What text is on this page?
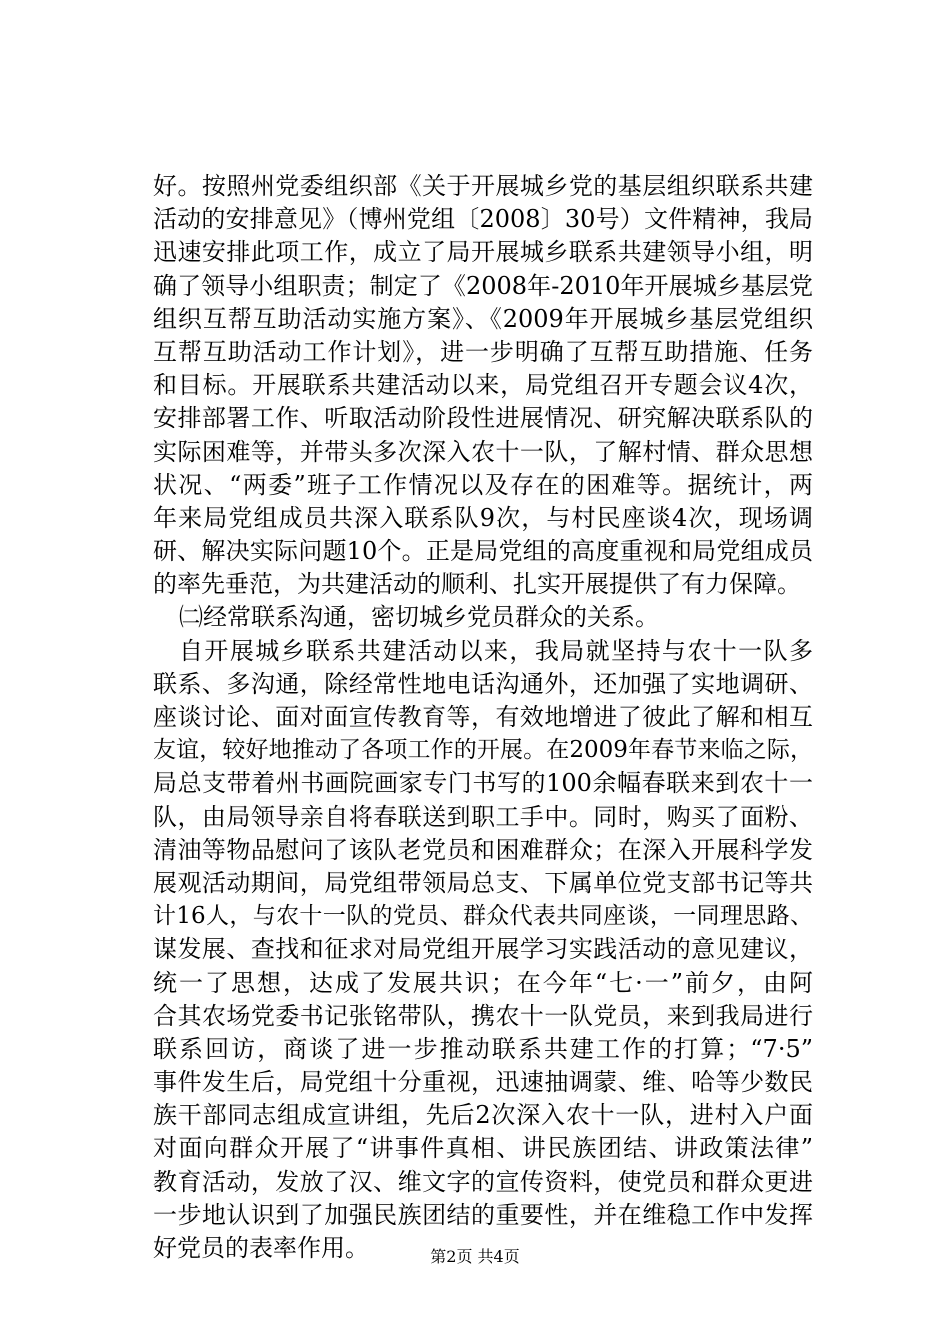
好。按照州党委组织部《关于开展城乡党的基层组织联系共建
活动的安排意见》（博州党组〔2008〕30号）文件精神，我局
迅速安排此项工作，成立了局开展城乡联系共建领导小组，明
确了领导小组职责；制定了《2008年-2010年开展城乡基层党
组织互帮互助活动实施方案》、《2009年开展城乡基层党组织
互帮互助活动工作计划》，进一步明确了互帮互助措施、任务
和目标。开展联系共建活动以来，局党组召开专题会议4次，
安排部署工作、听取活动阶段性进展情况、研究解决联系队的
实际困难等，并带头多次深入农十一队，了解村情、群众思想
状况、“两委”班子工作情况以及存在的困难等。据统计，两
年来局党组成员共深入联系队9次，与村民座谈4次，现场调
研、解决实际问题10个。正是局党组的高度重视和局党组成员
的率先垂范，为共建活动的顺利、扎实开展提供了有力保障。
㈡经常联系沟通，密切城乡党员群众的关系。
自开展城乡联系共建活动以来，我局就坚持与农十一队多
联系、多沟通，除经常性地电话沟通外，还加强了实地调研、
座谈讨论、面对面宣传教育等，有效地增进了彼此了解和相互
友谊，较好地推动了各项工作的开展。在2009年春节来临之际，
局总支带着州书画院画家专门书写的100余幅春联来到农十一
队，由局领导亲自将春联送到职工手中。同时，购买了面粉、
清油等物品慰问了该队老党员和困难群众；在深入开展科学发
展观活动期间，局党组带领局总支、下属单位党支部书记等共
计16人，与农十一队的党员、群众代表共同座谈，一同理思路、
谋发展、查找和征求对局党组开展学习实践活动的意见建议，
统一了思想，达成了发展共识；在今年“七·一”前夕，由阿
合其农场党委书记张铭带队，携农十一队党员，来到我局进行
联系回访，商谈了进一步推动联系共建工作的打算；“7·5”
事件发生后，局党组十分重视，迅速抽调蒙、维、哈等少数民
族干部同志组成宣讲组，先后2次深入农十一队，进村入户面
对面向群众开展了“讲事件真相、讲民族团结、讲政策法律”
教育活动，发放了汉、维文字的宣传资料，使党员和群众更进
一步地认识到了加强民族团结的重要性，并在维稳工作中发挥
好党员的表率作用。	第2页 共4页
